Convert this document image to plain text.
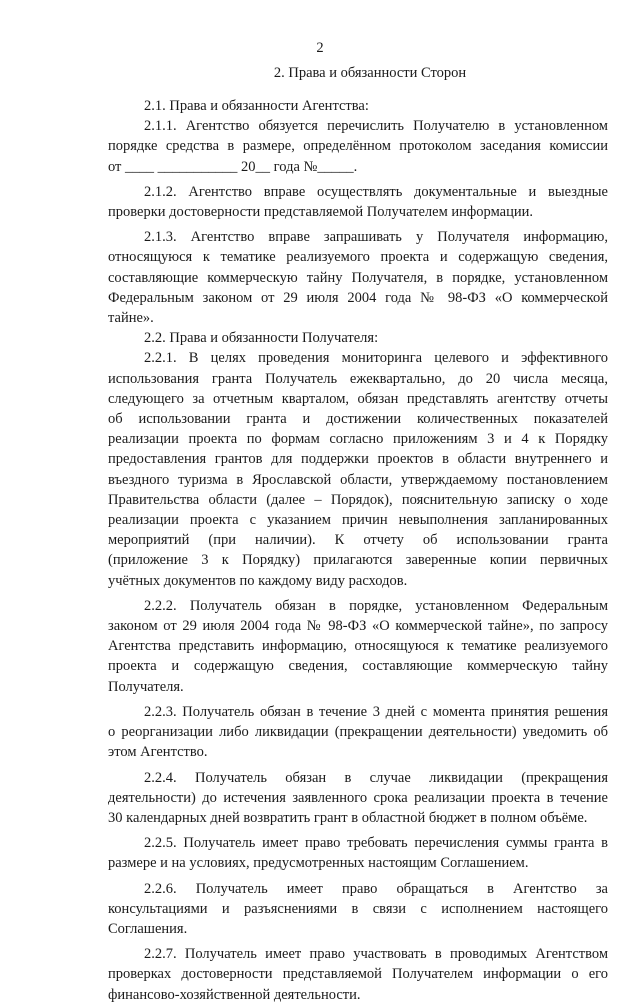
2
2. Права и обязанности Сторон
2.1. Права и обязанности Агентства:
2.1.1. Агентство обязуется перечислить Получателю в установленном
порядке средства в размере, определённом протоколом заседания комиссии
от ____ ___________ 20__ года №_____.
2.1.2. Агентство вправе осуществлять документальные и выездные
проверки достоверности представляемой Получателем информации.
2.1.3. Агентство вправе запрашивать у Получателя информацию,
относящуюся к тематике реализуемого проекта и содержащую сведения,
составляющие коммерческую тайну Получателя, в порядке, установленном
Федеральным законом от 29 июля 2004 года № 98-ФЗ «О коммерческой
тайне».
2.2. Права и обязанности Получателя:
2.2.1. В целях проведения мониторинга целевого и эффективного
использования гранта Получатель ежеквартально, до 20 числа месяца,
следующего за отчетным кварталом, обязан представлять агентству отчеты
об использовании гранта и достижении количественных показателей
реализации проекта по формам согласно приложениям 3 и 4 к Порядку
предоставления грантов для поддержки проектов в области внутреннего и
въездного туризма в Ярославской области, утверждаемому постановлением
Правительства области (далее – Порядок), пояснительную записку о ходе
реализации проекта с указанием причин невыполнения запланированных
мероприятий (при наличии). К отчету об использовании гранта
(приложение 3 к Порядку) прилагаются заверенные копии первичных
учётных документов по каждому виду расходов.
2.2.2. Получатель обязан в порядке, установленном Федеральным
законом от 29 июля 2004 года № 98-ФЗ «О коммерческой тайне», по запросу
Агентства представить информацию, относящуюся к тематике реализуемого
проекта и содержащую сведения, составляющие коммерческую тайну
Получателя.
2.2.3. Получатель обязан в течение 3 дней с момента принятия решения
о реорганизации либо ликвидации (прекращении деятельности) уведомить об
этом Агентство.
2.2.4. Получатель обязан в случае ликвидации (прекращения
деятельности) до истечения заявленного срока реализации проекта в течение
30 календарных дней возвратить грант в областной бюджет в полном объёме.
2.2.5. Получатель имеет право требовать перечисления суммы гранта в
размере и на условиях, предусмотренных настоящим Соглашением.
2.2.6. Получатель имеет право обращаться в Агентство за
консультациями и разъяснениями в связи с исполнением настоящего
Соглашения.
2.2.7. Получатель имеет право участвовать в проводимых Агентством
проверках достоверности представляемой Получателем информации о его
финансово-хозяйственной деятельности.
